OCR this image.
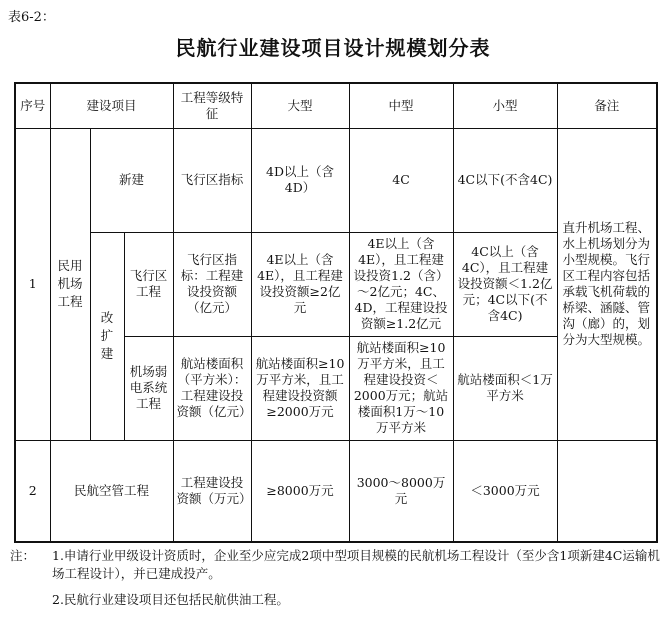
表6-2：
民航行业建设项目设计规模划分表
序号	建设项目			工程等级特征	大型	中型	小型	备注
1	民用机场工程	新建		飞行区指标	4D以上（含4D）	4C	4C以下(不含4C)	直升机场工程、水上机场划分为小型规模。飞行区工程内容包括承载飞机荷载的桥梁、涵隧、管沟（廊）的，划分为大型规模。
		改扩建	飞行区工程	飞行区指标：工程建设投资额（亿元）	4E以上（含4E），且工程建设投资额≥2亿元	4E以上（含4E），且工程建设投资1.2（含）～2亿元；4C、4D，工程建设投资额≥1.2亿元	4C以上（含4C），且工程建设投资额＜1.2亿元；4C以下(不含4C)	
			机场弱电系统工程	航站楼面积（平方米）：工程建设投资额（亿元）	航站楼面积≥10万平方米，且工程建设投资额≥2000万元	航站楼面积≥10万平方米，且工程建设投资＜2000万元；航站楼面积1万～10万平方米	航站楼面积＜1万平方米	
2	民航空管工程			工程建设投资额（万元）	≥8000万元	3000～8000万元	＜3000万元	
注：	1.申请行业甲级设计资质时，企业至少应完成2项中型项目规模的民航机场工程设计（至少含1项新建4C运输机场工程设计），并已建成投产。
2.民航行业建设项目还包括民航供油工程。
